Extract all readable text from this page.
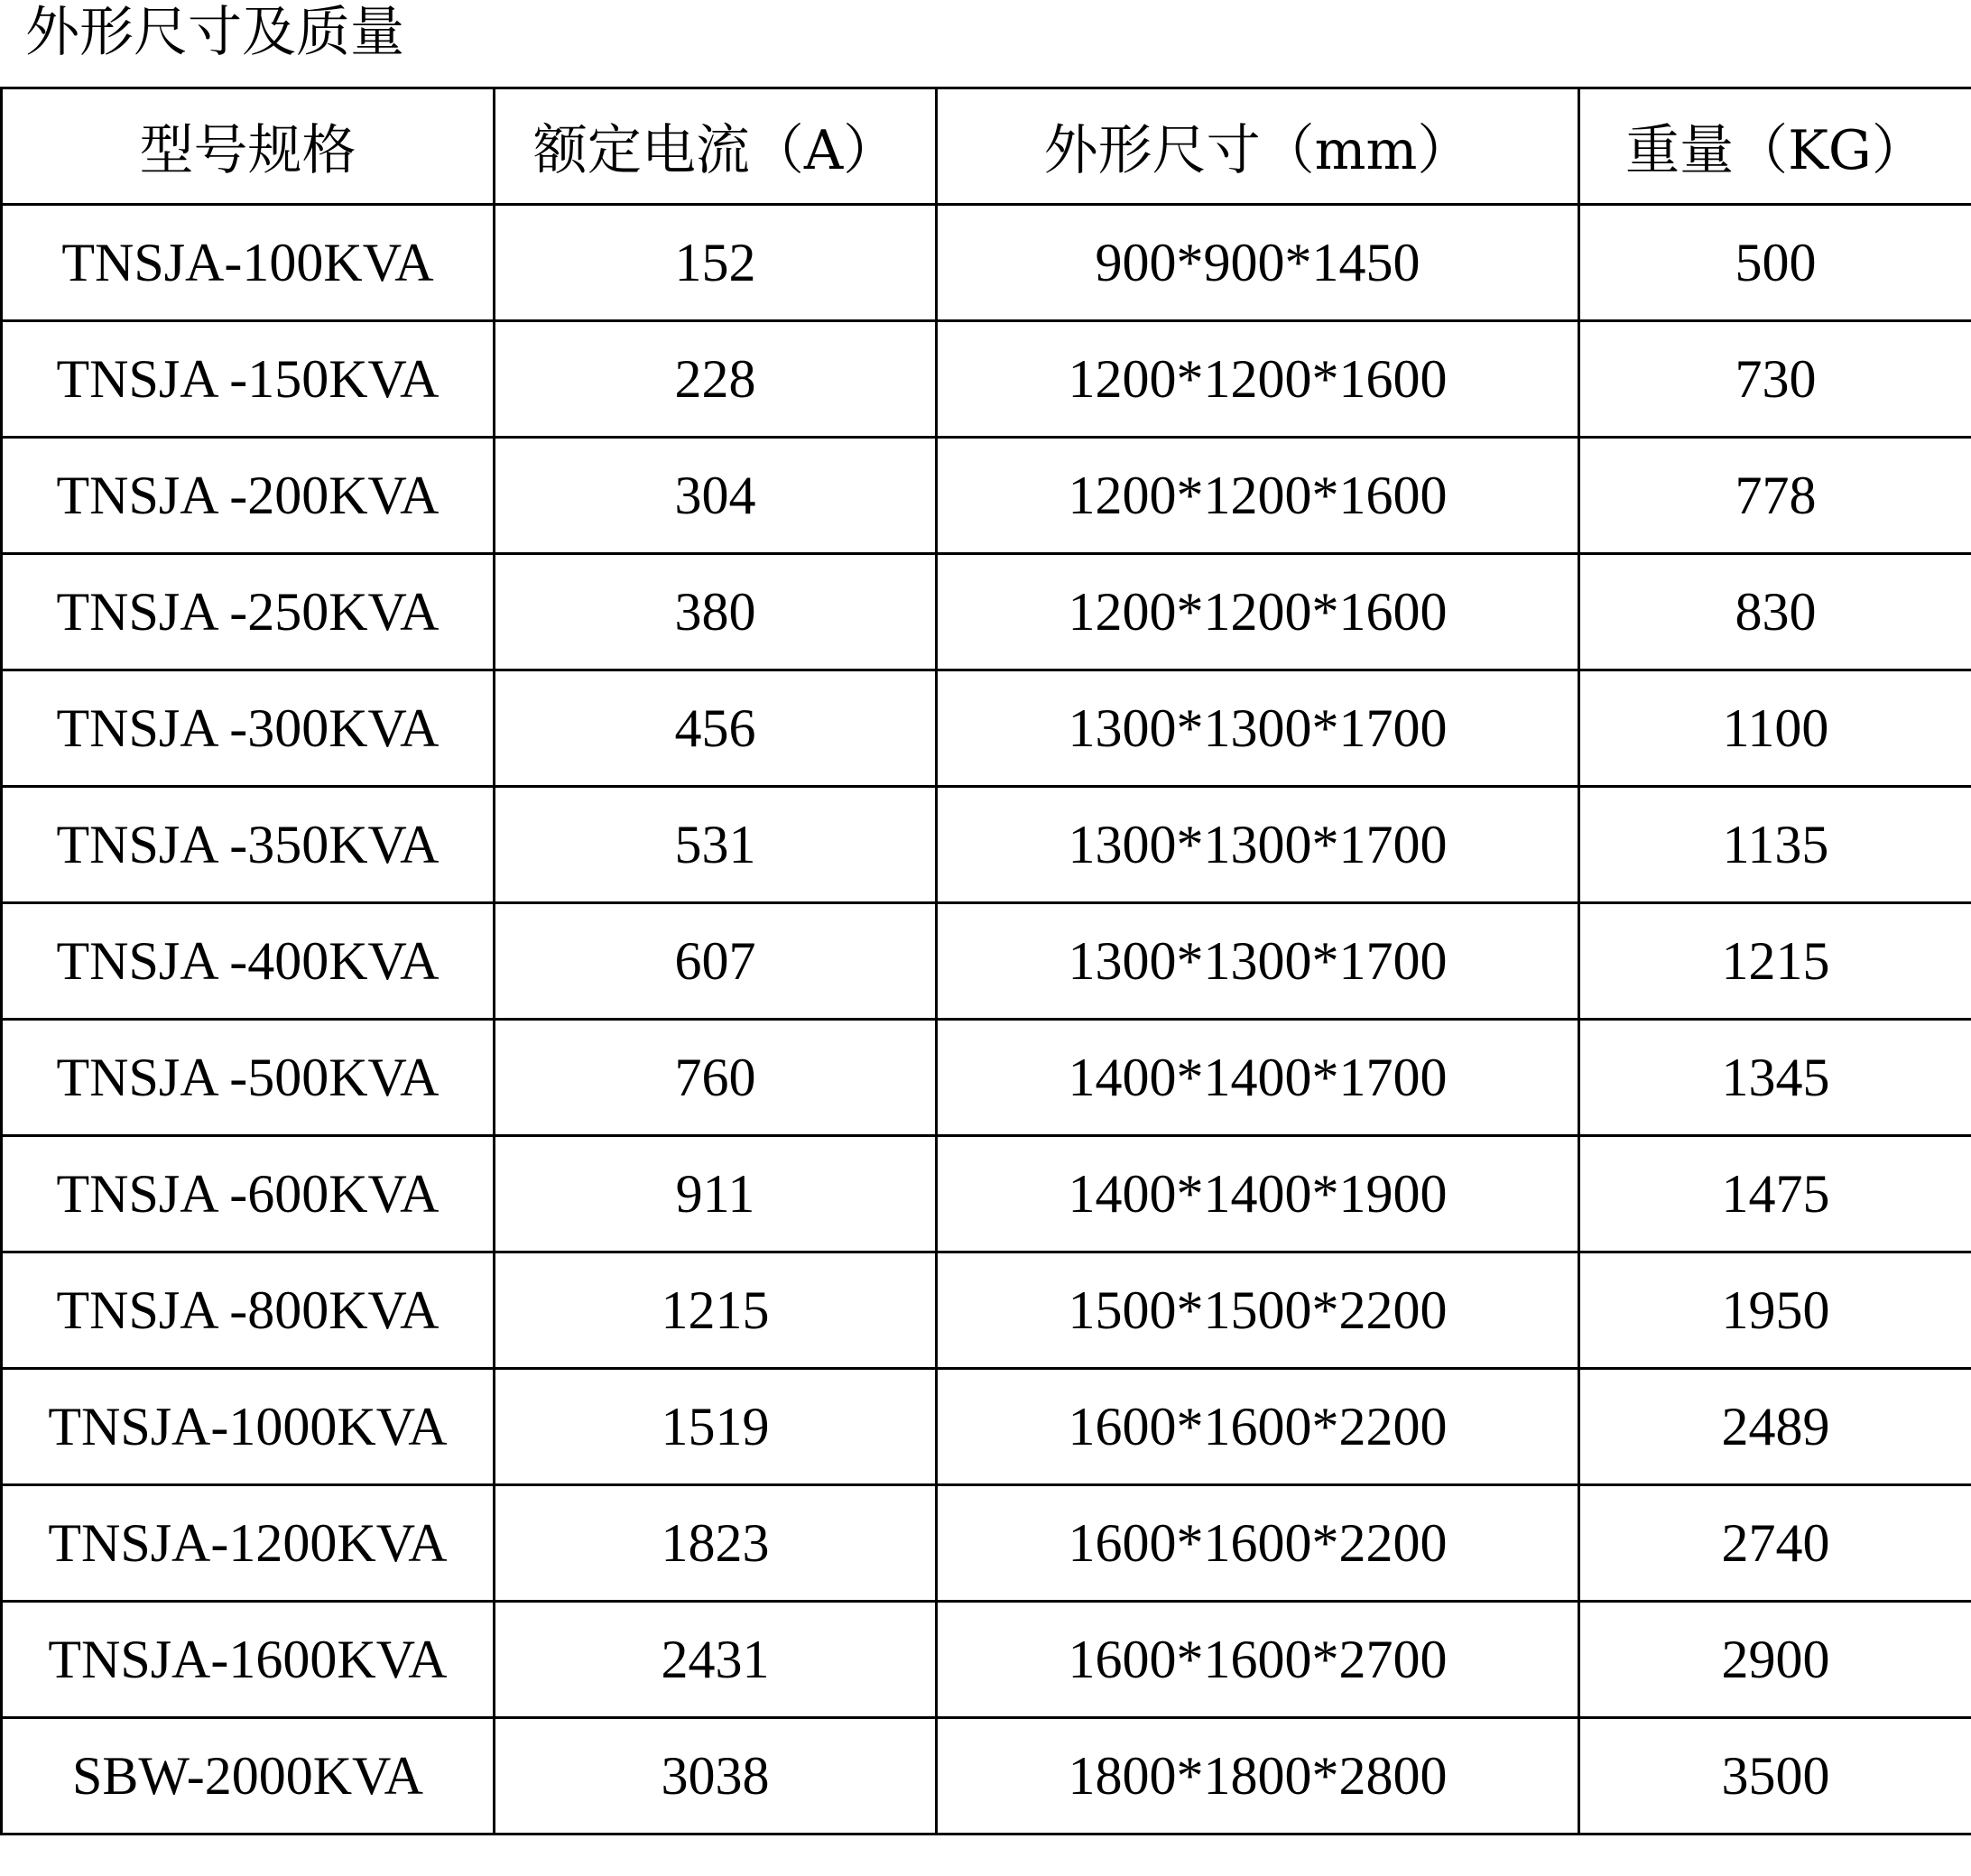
外形尺寸及质量
型号规格	额定电流（A）	外形尺寸（mm）	重量（KG）
TNSJA-100KVA	152	900*900*1450	500
TNSJA -150KVA	228	1200*1200*1600	730
TNSJA -200KVA	304	1200*1200*1600	778
TNSJA -250KVA	380	1200*1200*1600	830
TNSJA -300KVA	456	1300*1300*1700	1100
TNSJA -350KVA	531	1300*1300*1700	1135
TNSJA -400KVA	607	1300*1300*1700	1215
TNSJA -500KVA	760	1400*1400*1700	1345
TNSJA -600KVA	911	1400*1400*1900	1475
TNSJA -800KVA	1215	1500*1500*2200	1950
TNSJA-1000KVA	1519	1600*1600*2200	2489
TNSJA-1200KVA	1823	1600*1600*2200	2740
TNSJA-1600KVA	2431	1600*1600*2700	2900
SBW-2000KVA	3038	1800*1800*2800	3500
